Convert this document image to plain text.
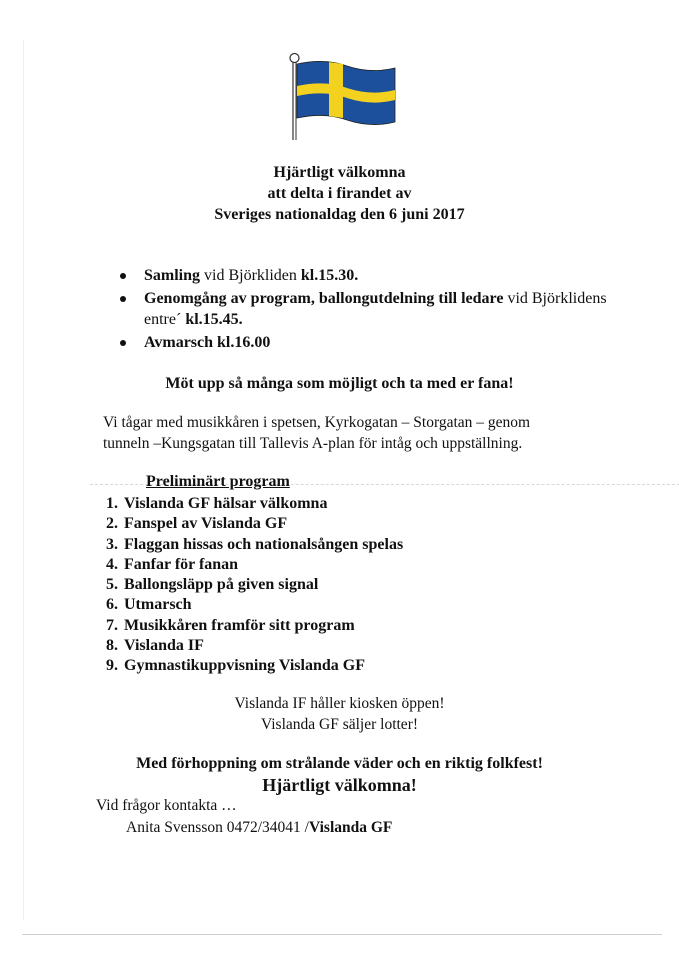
Hjärtligt välkomna
att delta i firandet av
Sveriges nationaldag den 6 juni 2017
Samling vid Björkliden kl.15.30.
Genomgång av program, ballongutdelning till ledare vid Björklidens entre´ kl.15.45.
Avmarsch kl.16.00
Möt upp så många som möjligt och ta med er fana!
Vi tågar med musikkåren i spetsen, Kyrkogatan – Storgatan – genom tunneln –Kungsgatan till Tallevis A-plan för intåg och uppställning.
Preliminärt program
1. Vislanda GF hälsar välkomna
2. Fanspel av Vislanda GF
3. Flaggan hissas och nationalsången spelas
4. Fanfar för fanan
5. Ballongsläpp på given signal
6. Utmarsch
7. Musikkåren framför sitt program
8. Vislanda IF
9. Gymnastikuppvisning Vislanda GF
Vislanda IF håller kiosken öppen!
Vislanda GF säljer lotter!
Med förhoppning om strålande väder och en riktig folkfest!
Hjärtligt välkomna!
Vid frågor kontakta …
Anita Svensson 0472/34041 /Vislanda GF
